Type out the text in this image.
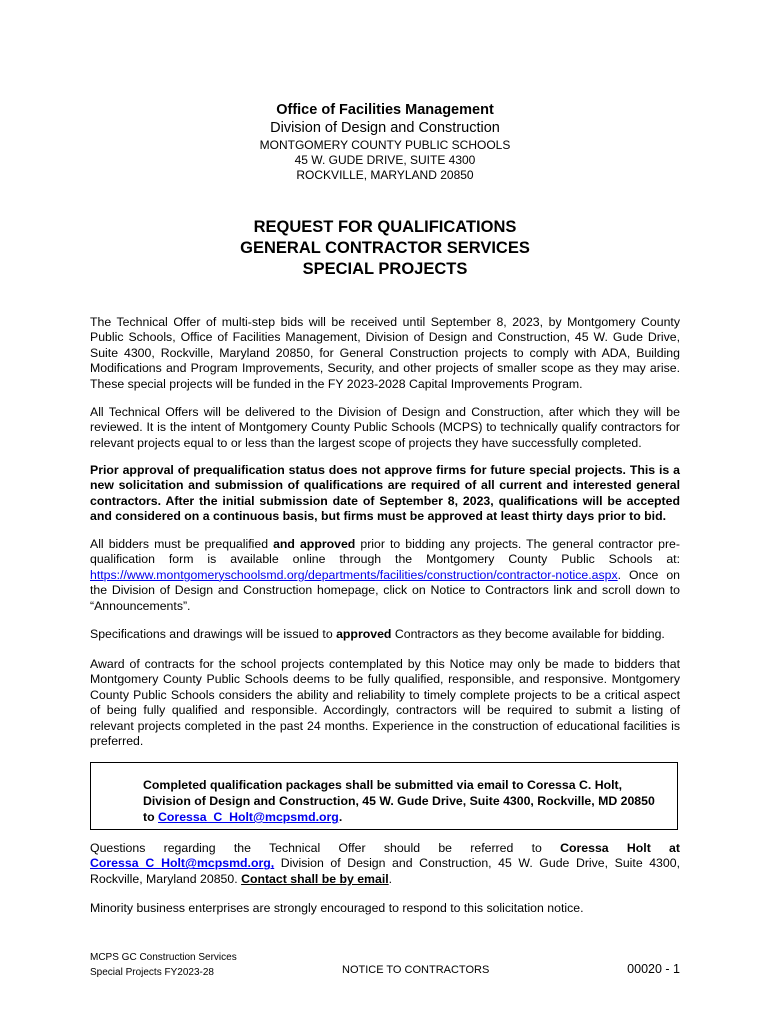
Office of Facilities Management
Division of Design and Construction
MONTGOMERY COUNTY PUBLIC SCHOOLS
45 W. GUDE DRIVE, SUITE 4300
ROCKVILLE, MARYLAND 20850
REQUEST FOR QUALIFICATIONS
GENERAL CONTRACTOR SERVICES
SPECIAL PROJECTS

The Technical Offer of multi-step bids will be received until September 8, 2023, by Montgomery County Public Schools, Office of Facilities Management, Division of Design and Construction, 45 W. Gude Drive, Suite 4300, Rockville, Maryland 20850, for General Construction projects to comply with ADA, Building Modifications and Program Improvements, Security, and other projects of smaller scope as they may arise. These special projects will be funded in the FY 2023-2028 Capital Improvements Program.

All Technical Offers will be delivered to the Division of Design and Construction, after which they will be reviewed. It is the intent of Montgomery County Public Schools (MCPS) to technically qualify contractors for relevant projects equal to or less than the largest scope of projects they have successfully completed.

Prior approval of prequalification status does not approve firms for future special projects. This is a new solicitation and submission of qualifications are required of all current and interested general contractors. After the initial submission date of September 8, 2023, qualifications will be accepted and considered on a continuous basis, but firms must be approved at least thirty days prior to bid.

All bidders must be prequalified and approved prior to bidding any projects. The general contractor pre-qualification form is available online through the Montgomery County Public Schools at: https://www.montgomeryschoolsmd.org/departments/facilities/construction/contractor-notice.aspx. Once on the Division of Design and Construction homepage, click on Notice to Contractors link and scroll down to “Announcements”.

Specifications and drawings will be issued to approved Contractors as they become available for bidding.

Award of contracts for the school projects contemplated by this Notice may only be made to bidders that Montgomery County Public Schools deems to be fully qualified, responsible, and responsive. Montgomery County Public Schools considers the ability and reliability to timely complete projects to be a critical aspect of being fully qualified and responsible. Accordingly, contractors will be required to submit a listing of relevant projects completed in the past 24 months. Experience in the construction of educational facilities is preferred.

Completed qualification packages shall be submitted via email to Coressa C. Holt, Division of Design and Construction, 45 W. Gude Drive, Suite 4300, Rockville, MD 20850 to Coressa_C_Holt@mcpsmd.org.

Questions regarding the Technical Offer should be referred to Coressa Holt at Coressa_C_Holt@mcpsmd.org, Division of Design and Construction, 45 W. Gude Drive, Suite 4300, Rockville, Maryland 20850. Contact shall be by email.

Minority business enterprises are strongly encouraged to respond to this solicitation notice.

MCPS GC Construction Services
Special Projects FY2023-28	NOTICE TO CONTRACTORS	00020 - 1
